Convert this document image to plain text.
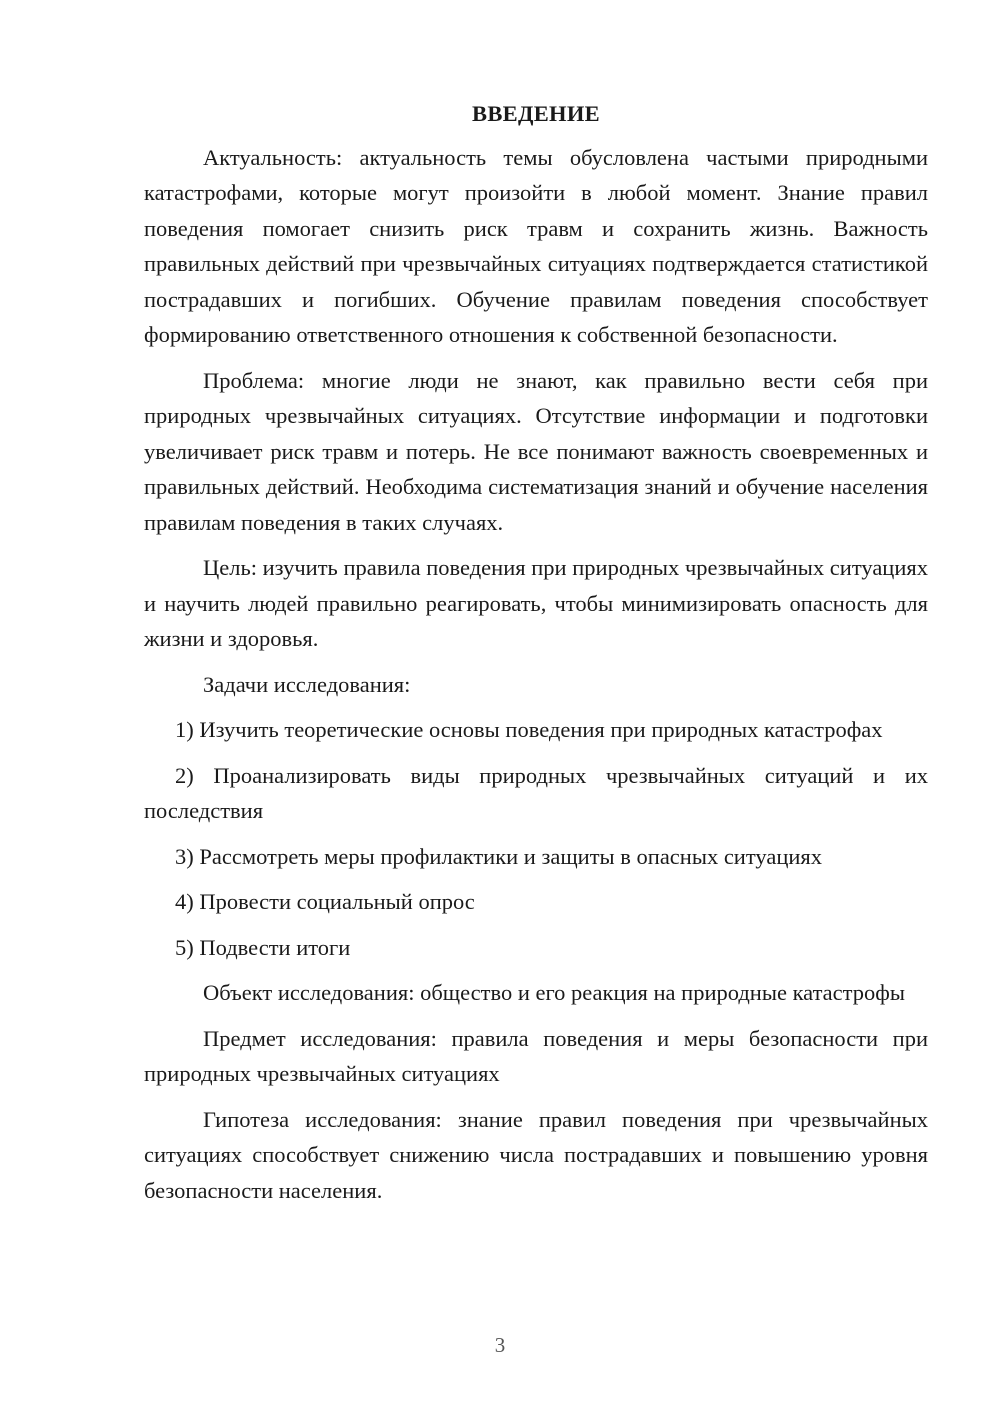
ВВЕДЕНИЕ

Актуальность: актуальность темы обусловлена частыми природными катастрофами, которые могут произойти в любой момент. Знание правил поведения помогает снизить риск травм и сохранить жизнь. Важность правильных действий при чрезвычайных ситуациях подтверждается статистикой пострадавших и погибших. Обучение правилам поведения способствует формированию ответственного отношения к собственной безопасности.

Проблема: многие люди не знают, как правильно вести себя при природных чрезвычайных ситуациях. Отсутствие информации и подготовки увеличивает риск травм и потерь. Не все понимают важность своевременных и правильных действий. Необходима систематизация знаний и обучение населения правилам поведения в таких случаях.

Цель: изучить правила поведения при природных чрезвычайных ситуациях и научить людей правильно реагировать, чтобы минимизировать опасность для жизни и здоровья.

Задачи исследования:

1) Изучить теоретические основы поведения при природных катастрофах

2) Проанализировать виды природных чрезвычайных ситуаций и их последствия

3) Рассмотреть меры профилактики и защиты в опасных ситуациях

4) Провести социальный опрос

5) Подвести итоги

Объект исследования: общество и его реакция на природные катастрофы

Предмет исследования: правила поведения и меры безопасности при природных чрезвычайных ситуациях

Гипотеза исследования: знание правил поведения при чрезвычайных ситуациях способствует снижению числа пострадавших и повышению уровня безопасности населения.

3
